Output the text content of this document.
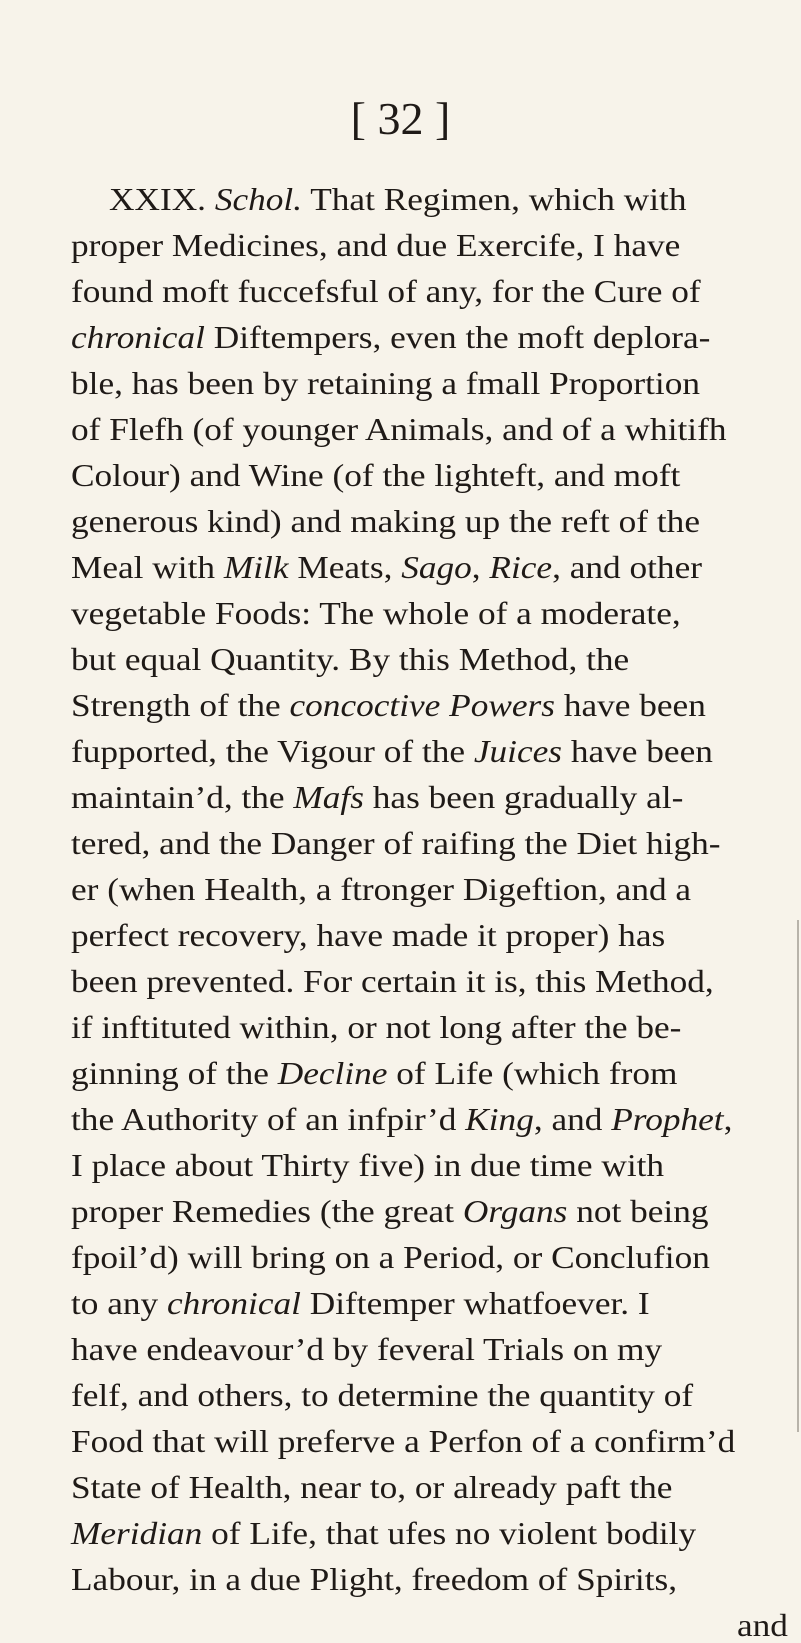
[ 32 ]
XXIX. Schol. That Regimen, which with
proper Medicines, and due Exercife, I have
found moft fuccefsful of any, for the Cure of
chronical Diftempers, even the moft deplora-
ble, has been by retaining a fmall Proportion
of Flefh (of younger Animals, and of a whitifh
Colour) and Wine (of the lighteft, and moft
generous kind) and making up the reft of the
Meal with Milk Meats, Sago, Rice, and other
vegetable Foods: The whole of a moderate,
but equal Quantity. By this Method, the
Strength of the concoctive Powers have been
fupported, the Vigour of the Juices have been
maintain’d, the Mafs has been gradually al-
tered, and the Danger of raifing the Diet high-
er (when Health, a ftronger Digeftion, and a
perfect recovery, have made it proper) has
been prevented. For certain it is, this Method,
if inftituted within, or not long after the be-
ginning of the Decline of Life (which from
the Authority of an infpir’d King, and Prophet,
I place about Thirty five) in due time with
proper Remedies (the great Organs not being
fpoil’d) will bring on a Period, or Conclufion
to any chronical Diftemper whatfoever. I
have endeavour’d by feveral Trials on my
felf, and others, to determine the quantity of
Food that will preferve a Perfon of a confirm’d
State of Health, near to, or already paft the
Meridian of Life, that ufes no violent bodily
Labour, in a due Plight, freedom of Spirits,
and
